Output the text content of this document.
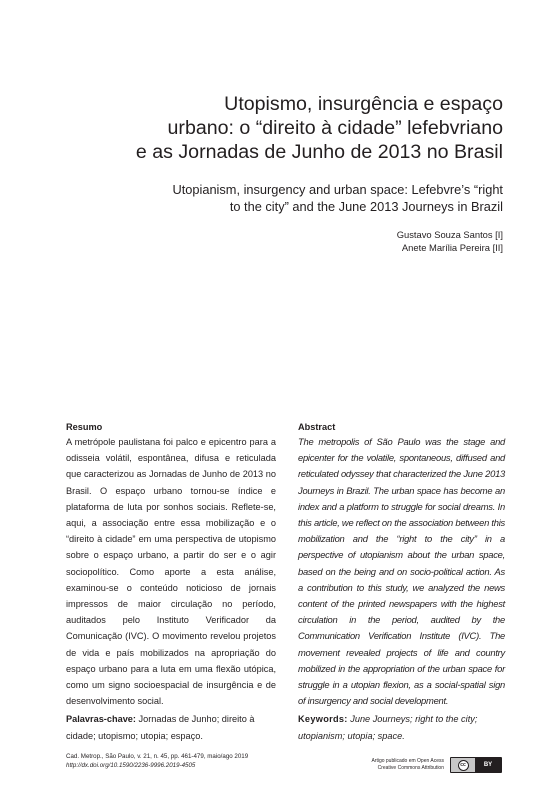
Utopismo, insurgência e espaço
urbano: o “direito à cidade” lefebvriano
e as Jornadas de Junho de 2013 no Brasil
Utopianism, insurgency and urban space: Lefebvre’s “right
to the city” and the June 2013 Journeys in Brazil
Gustavo Souza Santos [I]
Anete Marília Pereira [II]
Resumo

A metrópole paulistana foi palco e epicentro para a odisseia volátil, espontânea, difusa e reticulada que caracterizou as Jornadas de Junho de 2013 no Brasil. O espaço urbano tornou-se índice e plataforma de luta por sonhos sociais. Reflete-se, aqui, a associação entre essa mobilização e o “direito à cidade” em uma perspectiva de utopismo sobre o espaço urbano, a partir do ser e o agir sociopolítico. Como aporte a esta análise, examinou-se o conteúdo noticioso de jornais impressos de maior circulação no período, auditados pelo Instituto Verificador da Comunicação (IVC). O movimento revelou projetos de vida e país mobilizados na apropriação do espaço urbano para a luta em uma flexão utópica, como um signo socioespacial de insurgência e de desenvolvimento social.

Palavras-chave: Jornadas de Junho; direito à cidade; utopismo; utopia; espaço.
Abstract

The metropolis of São Paulo was the stage and epicenter for the volatile, spontaneous, diffused and reticulated odyssey that characterized the June 2013 Journeys in Brazil. The urban space has become an index and a platform to struggle for social dreams. In this article, we reflect on the association between this mobilization and the “right to the city” in a perspective of utopianism about the urban space, based on the being and on socio-political action. As a contribution to this study, we analyzed the news content of the printed newspapers with the highest circulation in the period, audited by the Communication Verification Institute (IVC). The movement revealed projects of life and country mobilized in the appropriation of the urban space for struggle in a utopian flexion, as a social-spatial sign of insurgency and social development.

Keywords: June Journeys; right to the city; utopianism; utopia; space.
Cad. Metrop., São Paulo, v. 21, n. 45, pp. 461-479, maio/ago 2019
http://dx.doi.org/10.1590/2236-9996.2019-4505
Artigo publicado em Open Acess
Creative Commons Attribution	cc	BY
